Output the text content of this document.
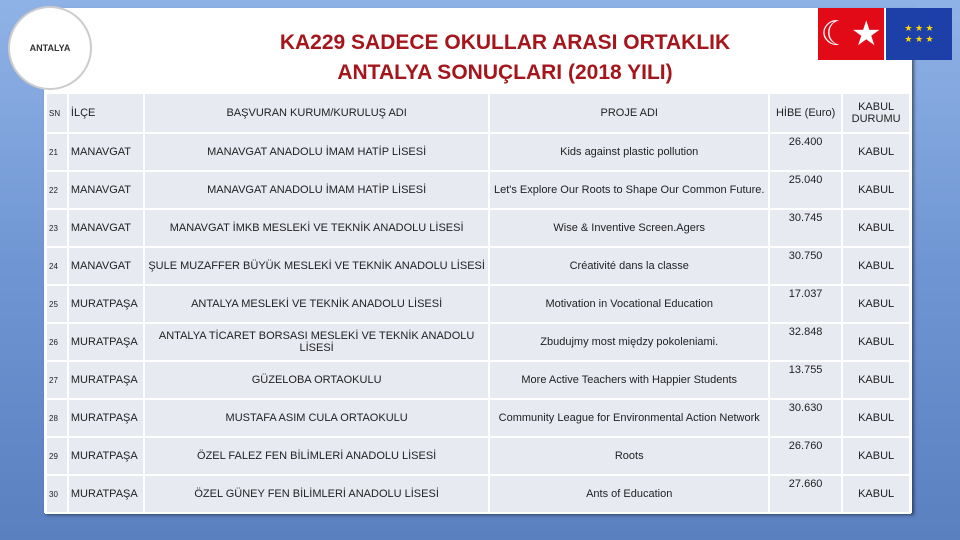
ANTALYA	☾★	★ ★ ★
★ ★ ★
KA229 SADECE OKULLAR ARASI ORTAKLIK
ANTALYA SONUÇLARI (2018 YILI)
SN	İLÇE	BAŞVURAN KURUM/KURULUŞ ADI	PROJE ADI	HİBE (Euro)	KABUL DURUMU
21	MANAVGAT	MANAVGAT ANADOLU İMAM HATİP LİSESİ	Kids against plastic pollution	26.400	KABUL
22	MANAVGAT	MANAVGAT ANADOLU İMAM HATİP LİSESİ	Let's Explore Our Roots to Shape Our Common Future.	25.040	KABUL
23	MANAVGAT	MANAVGAT İMKB MESLEKİ VE TEKNİK ANADOLU LİSESİ	Wise & Inventive Screen.Agers	30.745	KABUL
24	MANAVGAT	ŞULE MUZAFFER BÜYÜK MESLEKİ VE TEKNİK ANADOLU LİSESİ	Créativité dans la classe	30.750	KABUL
25	MURATPAŞA	ANTALYA MESLEKİ VE TEKNİK ANADOLU LİSESİ	Motivation in Vocational Education	17.037	KABUL
26	MURATPAŞA	ANTALYA TİCARET BORSASI MESLEKİ VE TEKNİK ANADOLU LİSESİ	Zbudujmy most między pokoleniami.	32.848	KABUL
27	MURATPAŞA	GÜZELOBA ORTAOKULU	More Active Teachers with Happier Students	13.755	KABUL
28	MURATPAŞA	MUSTAFA ASIM CULA ORTAOKULU	Community League for Environmental Action Network	30.630	KABUL
29	MURATPAŞA	ÖZEL FALEZ FEN BİLİMLERİ ANADOLU LİSESİ	Roots	26.760	KABUL
30	MURATPAŞA	ÖZEL GÜNEY FEN BİLİMLERİ ANADOLU LİSESİ	Ants of Education	27.660	KABUL
